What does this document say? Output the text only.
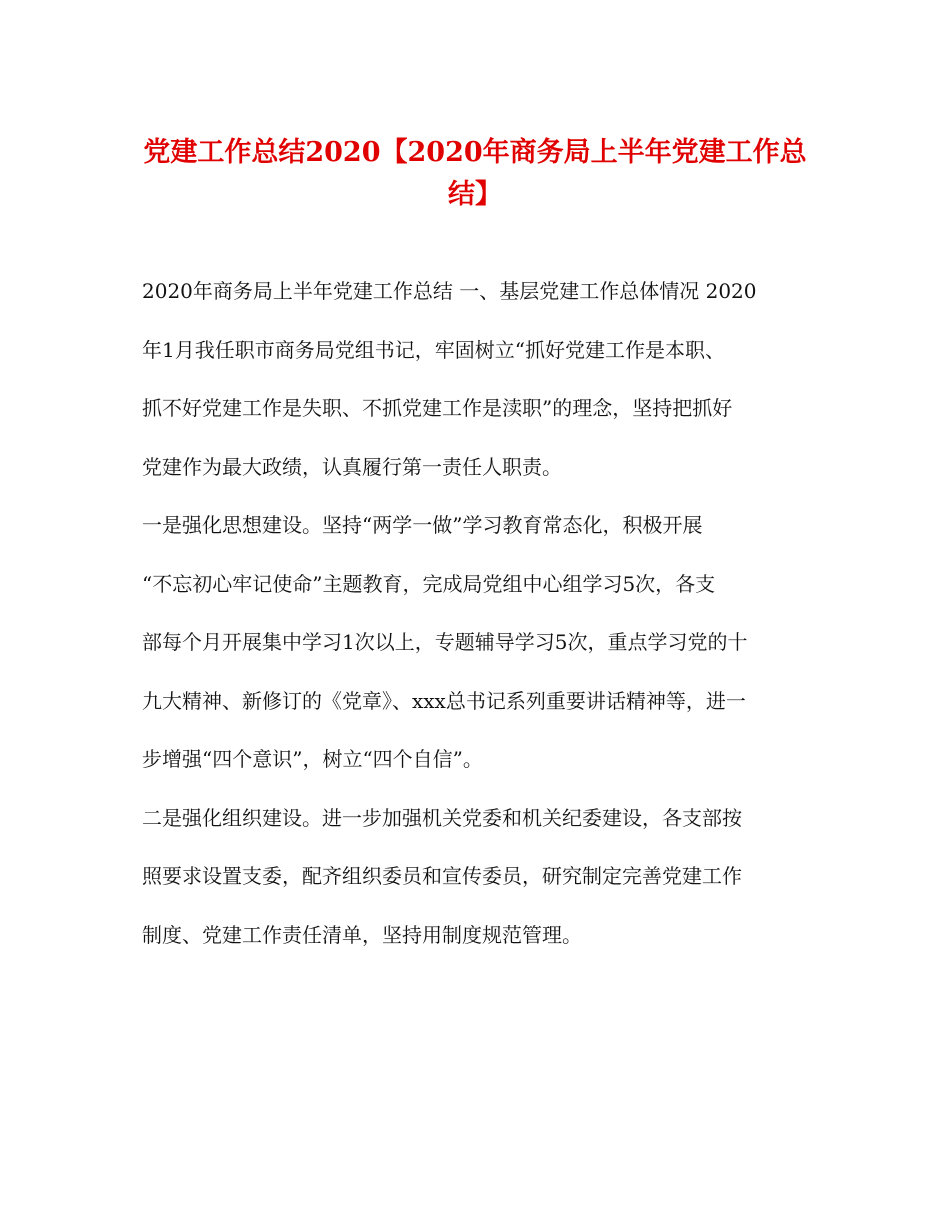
党建工作总结2020【2020年商务局上半年党建工作总结】
2020年商务局上半年党建工作总结 一、基层党建工作总体情况 2020
年1月我任职市商务局党组书记，牢固树立“抓好党建工作是本职、
抓不好党建工作是失职、不抓党建工作是渎职”的理念，坚持把抓好
党建作为最大政绩，认真履行第一责任人职责。
一是强化思想建设。坚持“两学一做”学习教育常态化，积极开展
“不忘初心牢记使命”主题教育，完成局党组中心组学习5次，各支
部每个月开展集中学习1次以上，专题辅导学习5次，重点学习党的十
九大精神、新修订的《党章》、xxx总书记系列重要讲话精神等，进一
步增强“四个意识”，树立“四个自信”。
二是强化组织建设。进一步加强机关党委和机关纪委建设，各支部按
照要求设置支委，配齐组织委员和宣传委员，研究制定完善党建工作
制度、党建工作责任清单，坚持用制度规范管理。
